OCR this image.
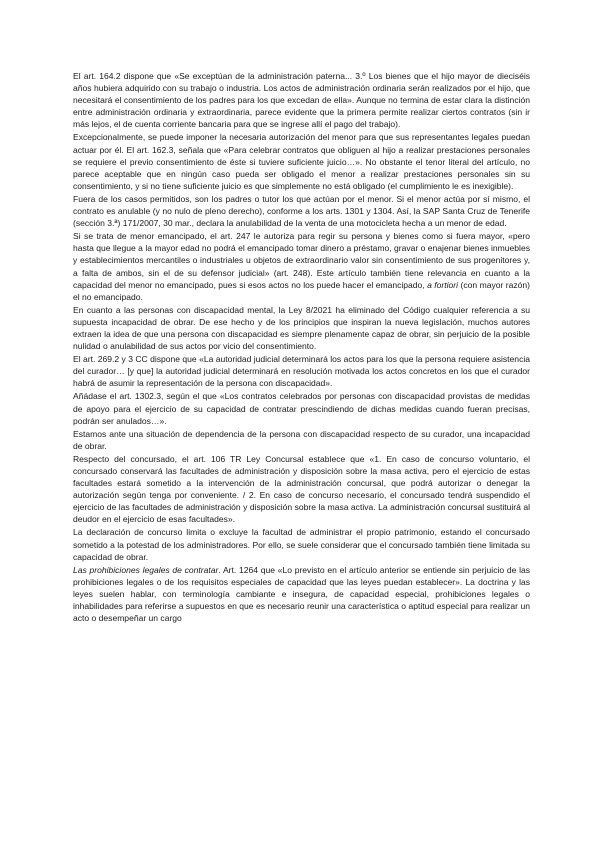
El art. 164.2 dispone que «Se exceptúan de la administración paterna... 3.º Los bienes que el hijo mayor de dieciséis años hubiera adquirido con su trabajo o industria. Los actos de administración ordinaria serán realizados por el hijo, que necesitará el consentimiento de los padres para los que excedan de ella». Aunque no termina de estar clara la distinción entre administración ordinaria y extraordinaria, parece evidente que la primera permite realizar ciertos contratos (sin ir más lejos, el de cuenta corriente bancaria para que se ingrese allí el pago del trabajo).

Excepcionalmente, se puede imponer la necesaria autorización del menor para que sus representantes legales puedan actuar por él. El art. 162.3, señala que «Para celebrar contratos que obliguen al hijo a realizar prestaciones personales se requiere el previo consentimiento de éste si tuviere suficiente juicio…». No obstante el tenor literal del artículo, no parece aceptable que en ningún caso pueda ser obligado el menor a realizar prestaciones personales sin su consentimiento, y si no tiene suficiente juicio es que simplemente no está obligado (el cumplimiento le es inexigible).

Fuera de los casos permitidos, son los padres o tutor los que actúan por el menor. Si el menor actúa por sí mismo, el contrato es anulable (y no nulo de pleno derecho), conforme a los arts. 1301 y 1304. Así, la SAP Santa Cruz de Tenerife (sección 3.ª) 171/2007, 30 mar., declara la anulabilidad de la venta de una motocicleta hecha a un menor de edad.

Si se trata de menor emancipado, el art. 247 le autoriza para regir su persona y bienes como si fuera mayor, «pero hasta que llegue a la mayor edad no podrá el emancipado tomar dinero a préstamo, gravar o enajenar bienes inmuebles y establecimientos mercantiles o industriales u objetos de extraordinario valor sin consentimiento de sus progenitores y, a falta de ambos, sin el de su defensor judicial» (art. 248). Este artículo también tiene relevancia en cuanto a la capacidad del menor no emancipado, pues si esos actos no los puede hacer el emancipado, a fortiori (con mayor razón) el no emancipado.

En cuanto a las personas con discapacidad mental, la Ley 8/2021 ha eliminado del Código cualquier referencia a su supuesta incapacidad de obrar. De ese hecho y de los principios que inspiran la nueva legislación, muchos autores extraen la idea de que una persona con discapacidad es siempre plenamente capaz de obrar, sin perjuicio de la posible nulidad o anulabilidad de sus actos por vicio del consentimiento.

El art. 269.2 y 3 CC dispone que «La autoridad judicial determinará los actos para los que la persona requiere asistencia del curador… [y que] la autoridad judicial determinará en resolución motivada los actos concretos en los que el curador habrá de asumir la representación de la persona con discapacidad».

Añádase el art. 1302.3, según el que «Los contratos celebrados por personas con discapacidad provistas de medidas de apoyo para el ejercicio de su capacidad de contratar prescindiendo de dichas medidas cuando fueran precisas, podrán ser anulados…».

Estamos ante una situación de dependencia de la persona con discapacidad respecto de su curador, una incapacidad de obrar.

Respecto del concursado, el art. 106 TR Ley Concursal establece que «1. En caso de concurso voluntario, el concursado conservará las facultades de administración y disposición sobre la masa activa, pero el ejercicio de estas facultades estará sometido a la intervención de la administración concursal, que podrá autorizar o denegar la autorización según tenga por conveniente. / 2. En caso de concurso necesario, el concursado tendrá suspendido el ejercicio de las facultades de administración y disposición sobre la masa activa. La administración concursal sustituirá al deudor en el ejercicio de esas facultades».

La declaración de concurso limita o excluye la facultad de administrar el propio patrimonio, estando el concursado sometido a la potestad de los administradores. Por ello, se suele considerar que el concursado también tiene limitada su capacidad de obrar.

Las prohibiciones legales de contratar. Art. 1264 que «Lo previsto en el artículo anterior se entiende sin perjuicio de las prohibiciones legales o de los requisitos especiales de capacidad que las leyes puedan establecer». La doctrina y las leyes suelen hablar, con terminología cambiante e insegura, de capacidad especial, prohibiciones legales o inhabilidades para referirse a supuestos en que es necesario reunir una característica o aptitud especial para realizar un acto o desempeñar un cargo
